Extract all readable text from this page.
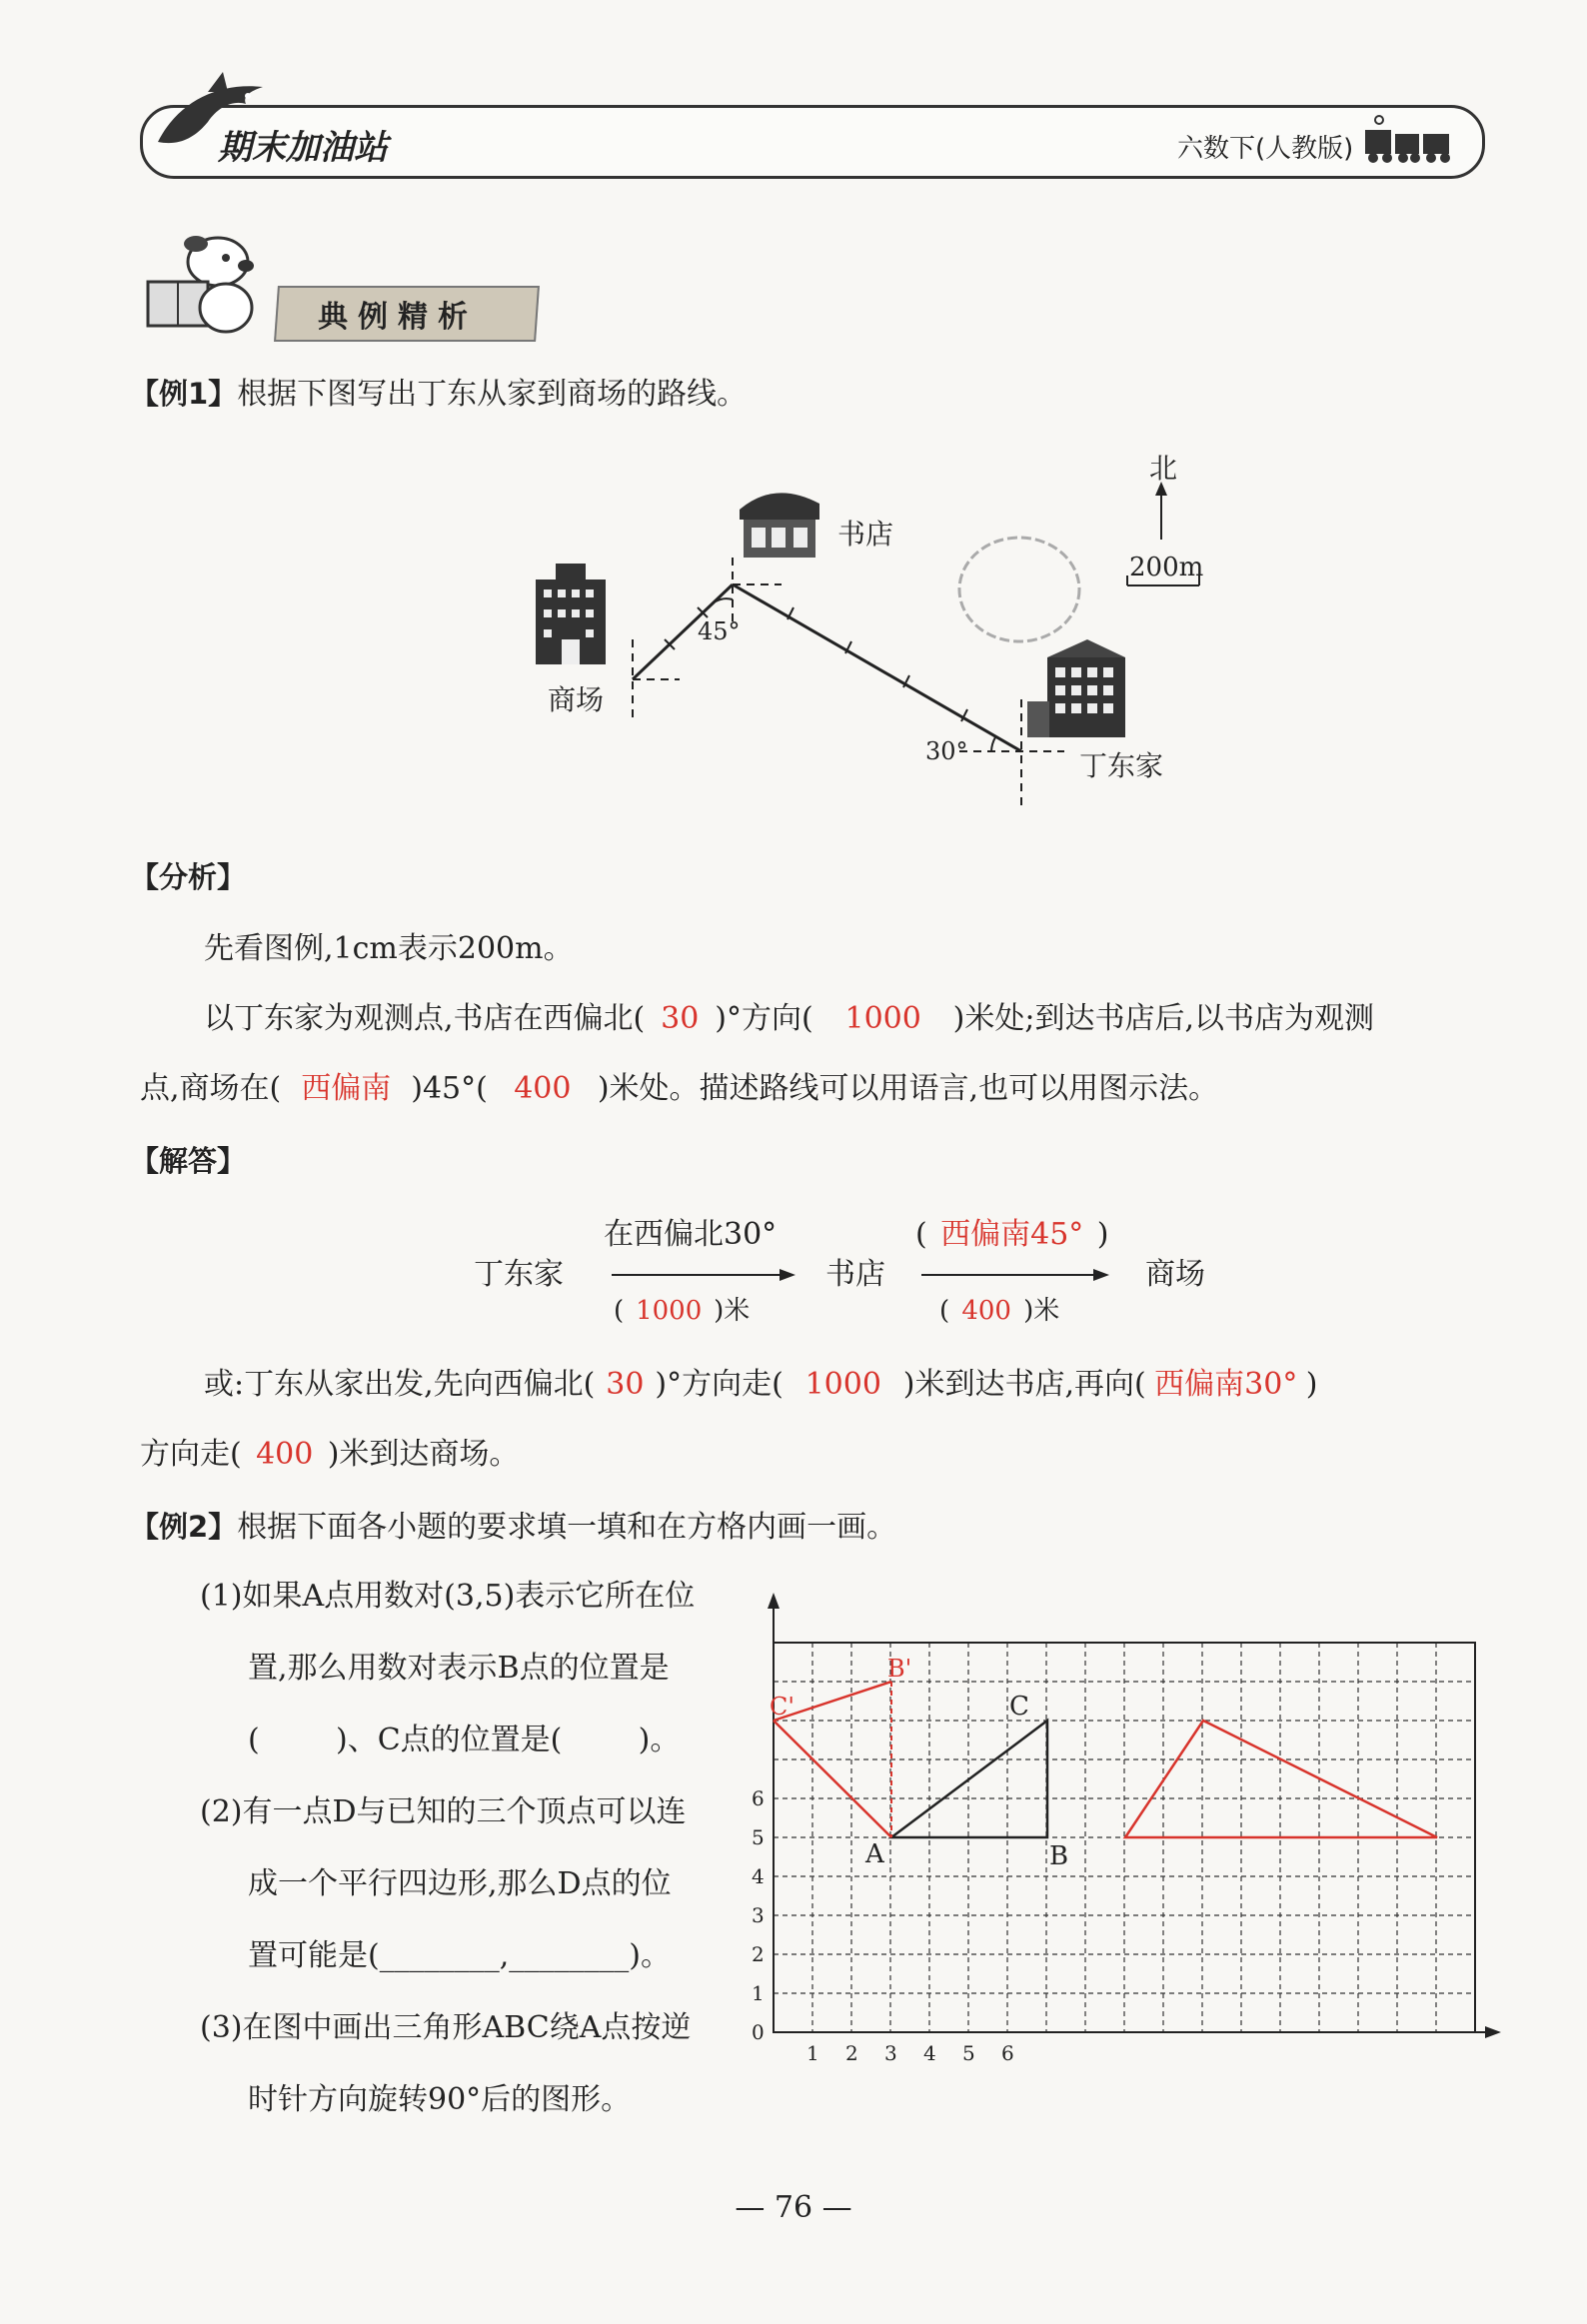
期末加油站	六数下(人教版)
典例精析
【例1】根据下图写出丁东从家到商场的路线。
北
200m
书店
商场
丁东家
45°
30°
【分析】
先看图例,1cm表示200m。
以丁东家为观测点,书店在西偏北( 30 )°方向( 1000 )米处;到达书店后,以书店为观测
点,商场在( 西偏南 )45°( 400 )米处。描述路线可以用语言,也可以用图示法。
【解答】
丁东家	书店	商场
在西偏北30°
( 1000 )米
( 西偏南45° )
( 400 )米
或:丁东从家出发,先向西偏北( 30 )°方向走( 1000 )米到达书店,再向( 西偏南30° )
方向走( 400 )米到达商场。
【例2】根据下面各小题的要求填一填和在方格内画一画。
(1)如果A点用数对(3,5)表示它所在位
置,那么用数对表示B点的位置是
(        )、C点的位置是(        )。
(2)有一点D与已知的三个顶点可以连
成一个平行四边形,那么D点的位
置可能是(________,________)。
(3)在图中画出三角形ABC绕A点按逆
时针方向旋转90°后的图形。
A	B
C
B'
C'
1 2 3 4 5 6
0
1
2
3
4
5
6
— 76 —
